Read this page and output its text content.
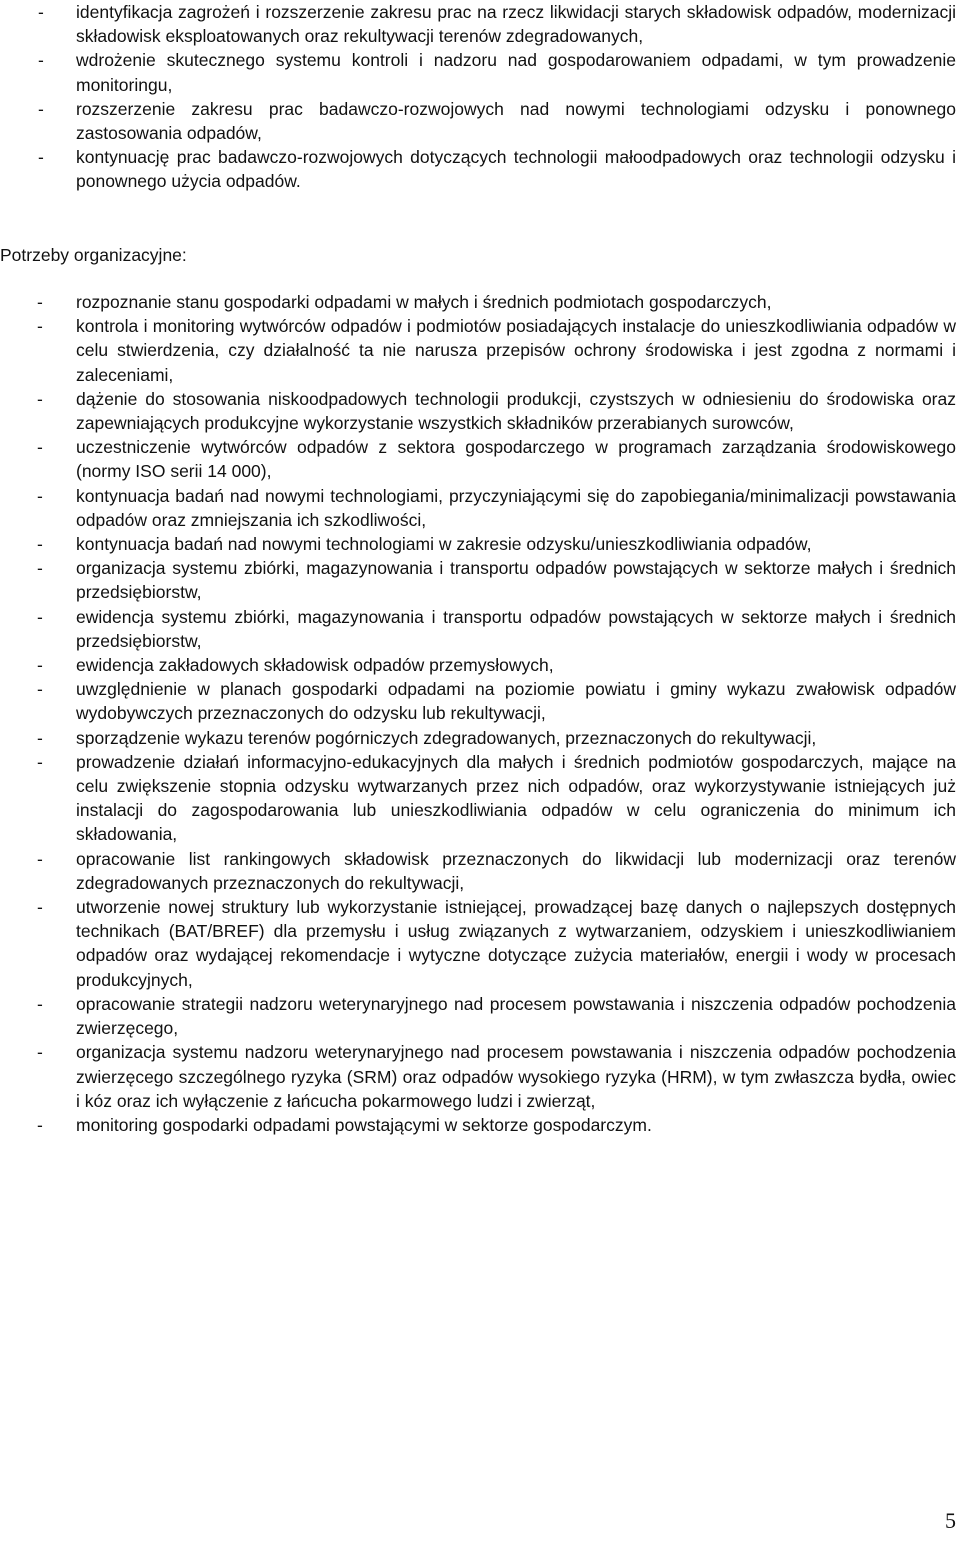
- identyfikacja zagrożeń i rozszerzenie zakresu prac na rzecz likwidacji starych składowisk odpadów, modernizacji składowisk eksploatowanych oraz rekultywacji terenów zdegradowanych,
- wdrożenie skutecznego systemu kontroli i nadzoru nad gospodarowaniem odpadami, w tym prowadzenie monitoringu,
- rozszerzenie zakresu prac badawczo-rozwojowych nad nowymi technologiami odzysku i ponownego zastosowania odpadów,
- kontynuację prac badawczo-rozwojowych dotyczących technologii małoodpadowych oraz technologii odzysku i ponownego użycia odpadów.
Potrzeby organizacyjne:
- rozpoznanie stanu gospodarki odpadami w małych i średnich podmiotach gospodarczych,
- kontrola i monitoring wytwórców odpadów i podmiotów posiadających instalacje do unieszkodliwiania odpadów w celu stwierdzenia, czy działalność ta nie narusza przepisów ochrony środowiska i jest zgodna z normami i zaleceniami,
- dążenie do stosowania niskoodpadowych technologii produkcji, czystszych w odniesieniu do środowiska oraz zapewniających produkcyjne wykorzystanie wszystkich składników przerabianych surowców,
- uczestniczenie wytwórców odpadów z sektora gospodarczego w programach zarządzania środowiskowego (normy ISO serii 14 000),
- kontynuacja badań nad nowymi technologiami, przyczyniającymi się do zapobiegania/minimalizacji powstawania odpadów oraz zmniejszania ich szkodliwości,
- kontynuacja badań nad nowymi technologiami w zakresie odzysku/unieszkodliwiania odpadów,
- organizacja systemu zbiórki, magazynowania i transportu odpadów powstających w sektorze małych i średnich przedsiębiorstw,
- ewidencja systemu zbiórki, magazynowania i transportu odpadów powstających w sektorze małych i średnich przedsiębiorstw,
- ewidencja zakładowych składowisk odpadów przemysłowych,
- uwzględnienie w planach gospodarki odpadami na poziomie powiatu i gminy wykazu zwałowisk odpadów wydobywczych przeznaczonych do odzysku lub rekultywacji,
- sporządzenie wykazu terenów pogórniczych zdegradowanych, przeznaczonych do rekultywacji,
- prowadzenie działań informacyjno-edukacyjnych dla małych i średnich podmiotów gospodarczych, mające na celu zwiększenie stopnia odzysku wytwarzanych przez nich odpadów, oraz wykorzystywanie istniejących już instalacji do zagospodarowania lub unieszkodliwiania odpadów w celu ograniczenia do minimum ich składowania,
- opracowanie list rankingowych składowisk przeznaczonych do likwidacji lub modernizacji oraz terenów zdegradowanych przeznaczonych do rekultywacji,
- utworzenie nowej struktury lub wykorzystanie istniejącej, prowadzącej bazę danych o najlepszych dostępnych technikach (BAT/BREF) dla przemysłu i usług związanych z wytwarzaniem, odzyskiem i unieszkodliwianiem odpadów oraz wydającej rekomendacje i wytyczne dotyczące zużycia materiałów, energii i wody w procesach produkcyjnych,
- opracowanie strategii nadzoru weterynaryjnego nad procesem powstawania i niszczenia odpadów pochodzenia zwierzęcego,
- organizacja systemu nadzoru weterynaryjnego nad procesem powstawania i niszczenia odpadów pochodzenia zwierzęcego szczególnego ryzyka (SRM) oraz odpadów wysokiego ryzyka (HRM), w tym zwłaszcza bydła, owiec i kóz oraz ich wyłączenie z łańcucha pokarmowego ludzi i zwierząt,
- monitoring gospodarki odpadami powstającymi w sektorze gospodarczym.
5
